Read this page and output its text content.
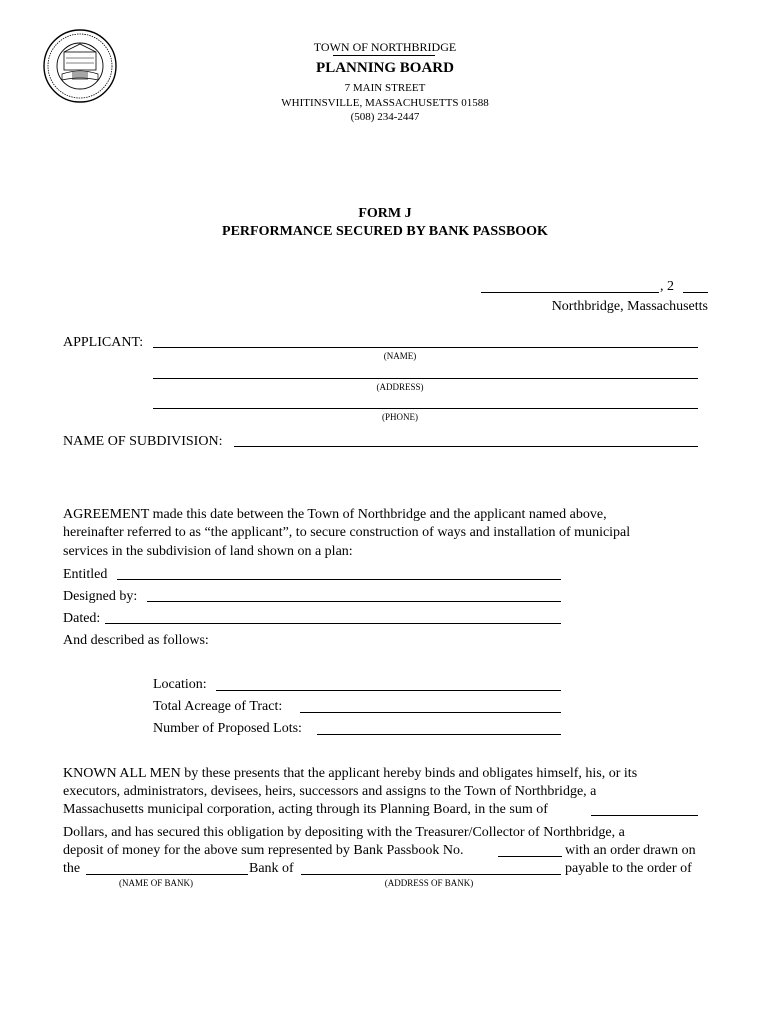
TOWN OF NORTHBRIDGE
PLANNING BOARD
7 MAIN STREET
WHITINSVILLE, MASSACHUSETTS 01588
(508) 234-2447
FORM J
PERFORMANCE SECURED BY BANK PASSBOOK
, 2
Northbridge, Massachusetts
APPLICANT:
(NAME)
(ADDRESS)
(PHONE)
NAME OF SUBDIVISION:
AGREEMENT made this date between the Town of Northbridge and the applicant named above,
hereinafter referred to as “the applicant”, to secure construction of ways and installation of municipal
services in the subdivision of land shown on a plan:
Entitled
Designed by:
Dated:
And described as follows:
Location:
Total Acreage of Tract:
Number of Proposed Lots:
KNOWN ALL MEN by these presents that the applicant hereby binds and obligates himself, his, or its
executors, administrators, devisees, heirs, successors and assigns to the Town of Northbridge, a
Massachusetts municipal corporation, acting through its Planning Board, in the sum of
Dollars, and has secured this obligation by depositing with the Treasurer/Collector of Northbridge, a
deposit of money for the above sum represented by Bank Passbook No.	with an order drawn on
the	Bank of	payable to the order of
(NAME OF BANK)	(ADDRESS OF BANK)
